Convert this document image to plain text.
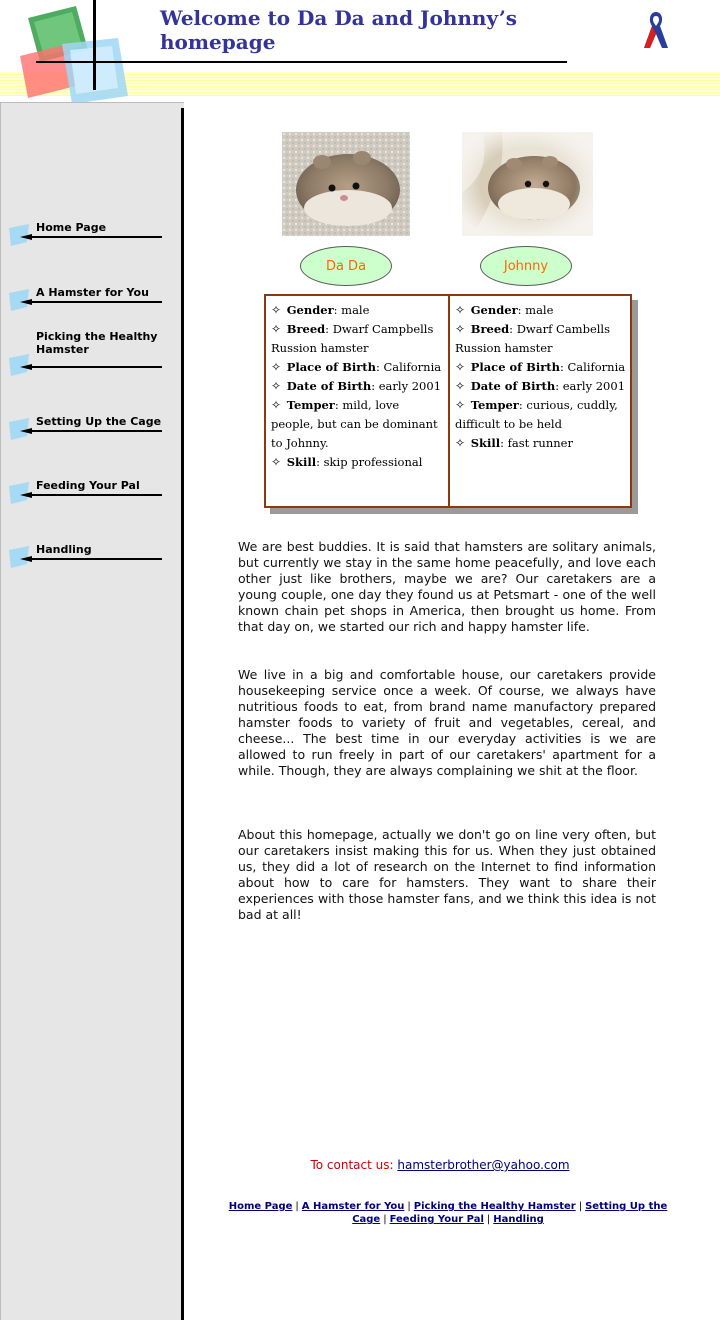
Welcome to Da Da and Johnny’s homepage
Home Page
A Hamster for You
Picking the Healthy Hamster
Setting Up the Cage
Feeding Your Pal
Handling
Da Da	Johnny
✧ Gender: male
✧ Breed: Dwarf Campbells Russion hamster
✧ Place of Birth: California
✧ Date of Birth: early 2001
✧ Temper: mild, love people, but can be dominant to Johnny.
✧ Skill: skip professional
✧ Gender: male
✧ Breed: Dwarf Cambells Russion hamster
✧ Place of Birth: California
✧ Date of Birth: early 2001
✧ Temper: curious, cuddly, difficult to be held
✧ Skill: fast runner

We are best buddies. It is said that hamsters are solitary animals, but currently we stay in the same home peacefully, and love each other just like brothers, maybe we are? Our caretakers are a young couple, one day they found us at Petsmart - one of the well known chain pet shops in America, then brought us home. From that day on, we started our rich and happy hamster life.

We live in a big and comfortable house, our caretakers provide housekeeping service once a week. Of course, we always have nutritious foods to eat, from brand name manufactory prepared hamster foods to variety of fruit and vegetables, cereal, and cheese... The best time in our everyday activities is we are allowed to run freely in part of our caretakers' apartment for a while. Though, they are always complaining we shit at the floor.

About this homepage, actually we don't go on line very often, but our caretakers insist making this for us. When they just obtained us, they did a lot of research on the Internet to find information about how to care for hamsters. They want to share their experiences with those hamster fans, and we think this idea is not bad at all!

To contact us: hamsterbrother@yahoo.com
Home Page | A Hamster for You | Picking the Healthy Hamster | Setting Up the Cage | Feeding Your Pal | Handling
